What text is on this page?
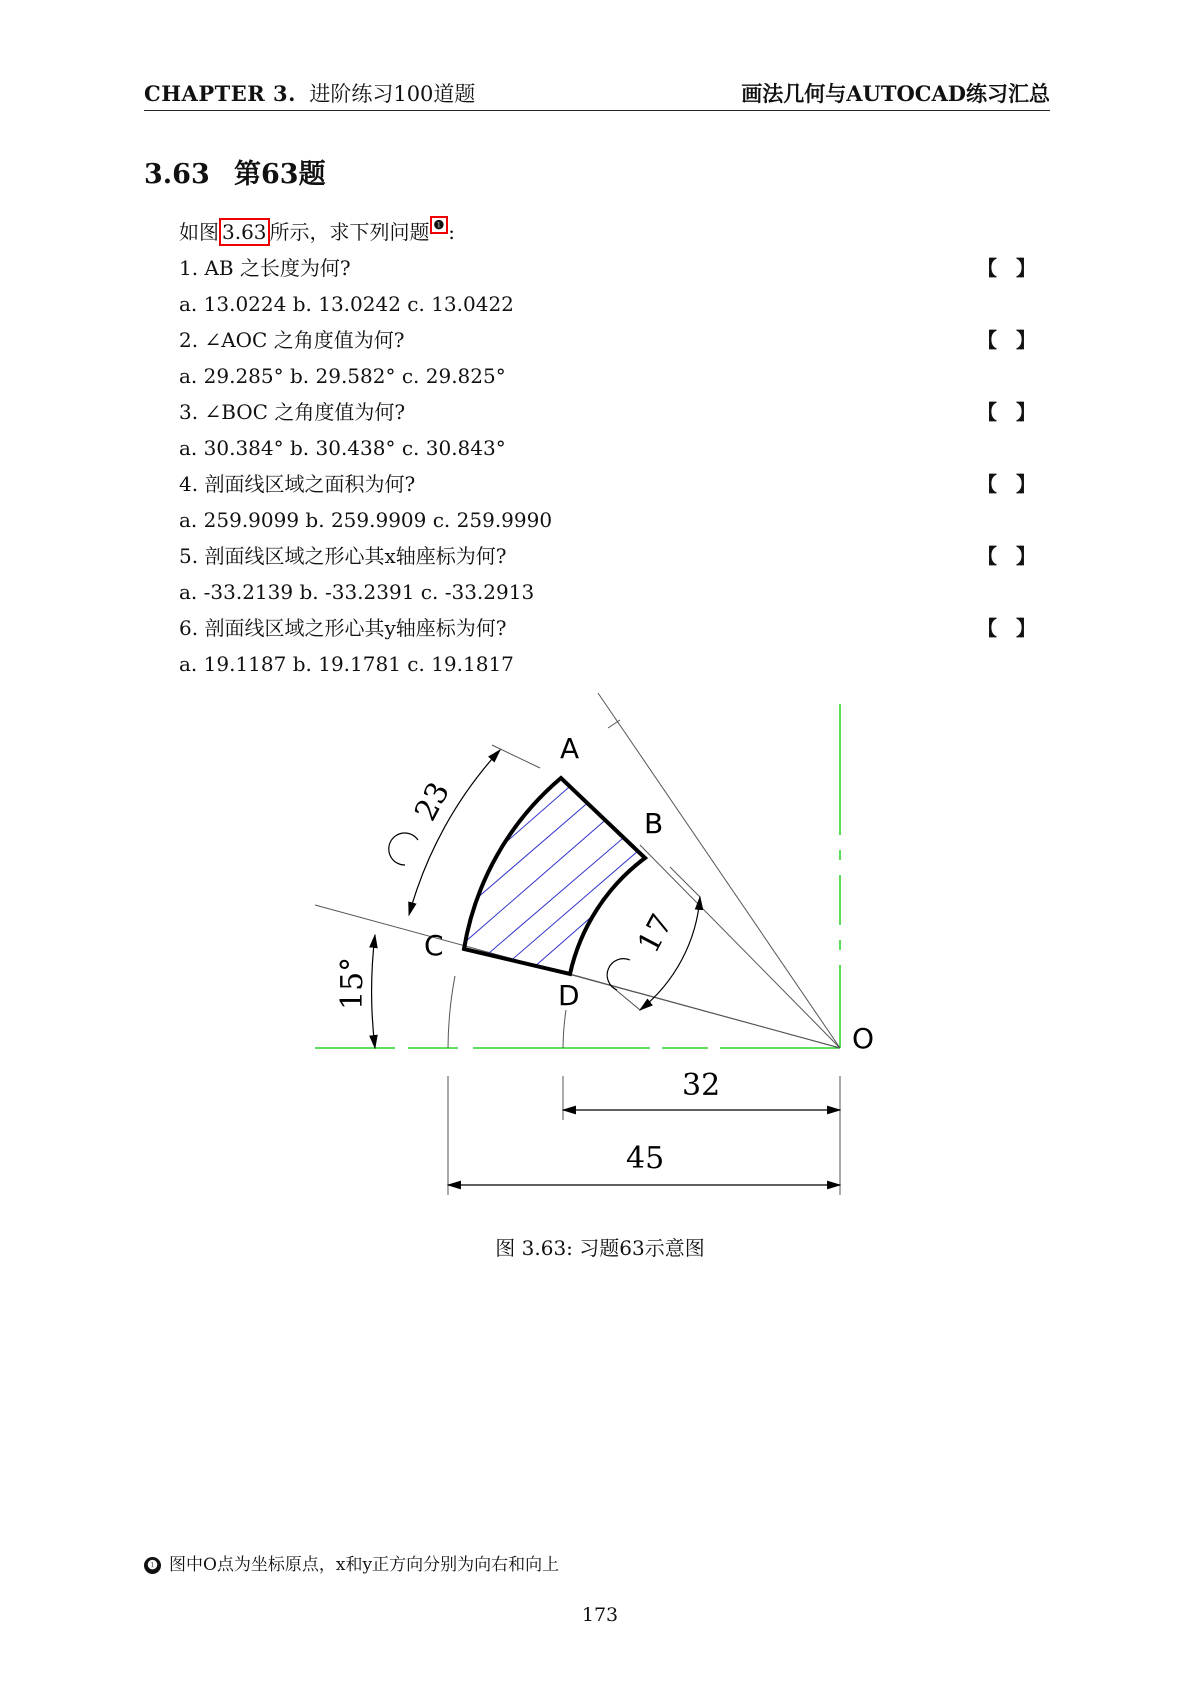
CHAPTER 3. 进阶练习100道题	画法几何与AUTOCAD练习汇总
3.63 第63题
如图 3.63 所示，求下列问题 ❶ :
1. AB 之长度为何?	【 】
a. 13.0224 b. 13.0242 c. 13.0422
2. ∠AOC 之角度值为何?	【 】
a. 29.285° b. 29.582° c. 29.825°
3. ∠BOC 之角度值为何?	【 】
a. 30.384° b. 30.438° c. 30.843°
4. 剖面线区域之面积为何?	【 】
a. 259.9099 b. 259.9909 c. 259.9990
5. 剖面线区域之形心其x轴座标为何?	【 】
a. -33.2139 b. -33.2391 c. -33.2913
6. 剖面线区域之形心其y轴座标为何?	【 】
a. 19.1187 b. 19.1781 c. 19.1817
A
B
C
D
O
23
17
15°
32
45
图 3.63: 习题63示意图
❶ 图中O点为坐标原点，x和y正方向分别为向右和向上
173
